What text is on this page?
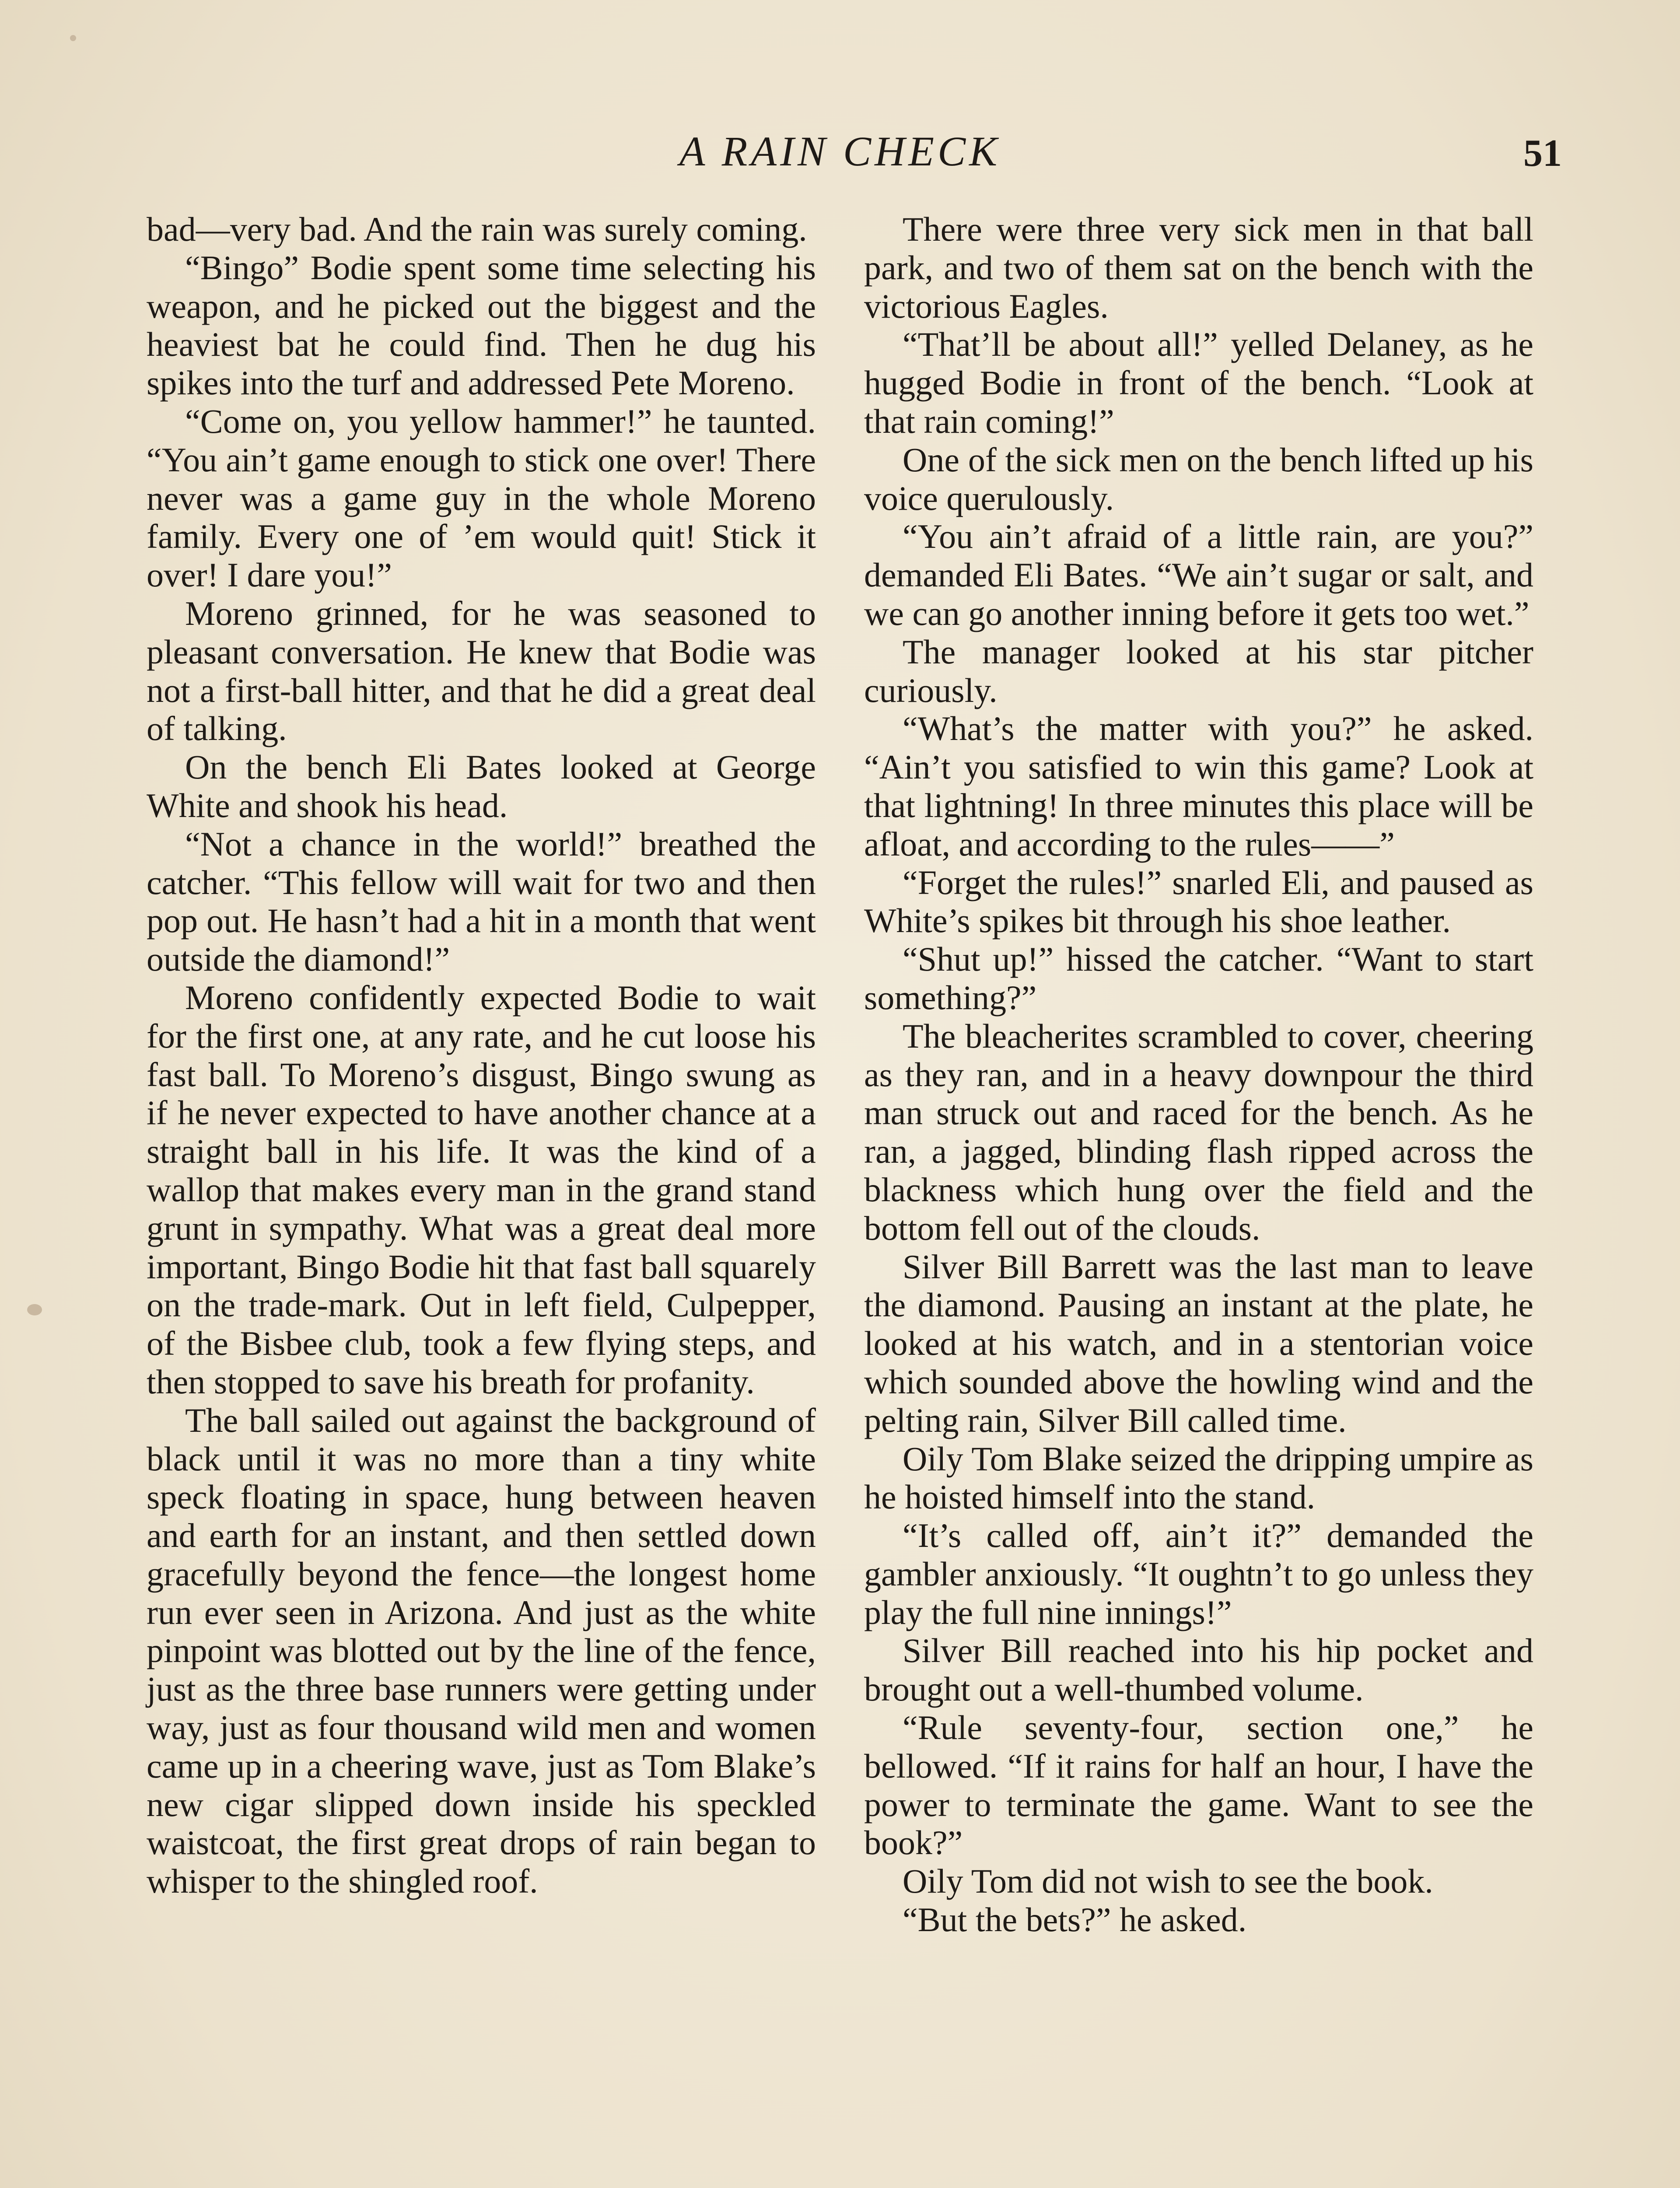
A RAIN CHECK	51

bad—very bad. And the rain was surely coming.

“Bingo” Bodie spent some time selecting his weapon, and he picked out the biggest and the heaviest bat he could find. Then he dug his spikes into the turf and addressed Pete Moreno.

“Come on, you yellow hammer!” he taunted. “You ain’t game enough to stick one over! There never was a game guy in the whole Moreno family. Every one of ’em would quit! Stick it over! I dare you!”

Moreno grinned, for he was seasoned to pleasant conversation. He knew that Bodie was not a first-ball hitter, and that he did a great deal of talking.

On the bench Eli Bates looked at George White and shook his head.

“Not a chance in the world!” breathed the catcher. “This fellow will wait for two and then pop out. He hasn’t had a hit in a month that went outside the diamond!”

Moreno confidently expected Bodie to wait for the first one, at any rate, and he cut loose his fast ball. To Moreno’s disgust, Bingo swung as if he never expected to have another chance at a straight ball in his life. It was the kind of a wallop that makes every man in the grand stand grunt in sympathy. What was a great deal more important, Bingo Bodie hit that fast ball squarely on the trade-mark. Out in left field, Culpepper, of the Bisbee club, took a few flying steps, and then stopped to save his breath for profanity.

The ball sailed out against the background of black until it was no more than a tiny white speck floating in space, hung between heaven and earth for an instant, and then settled down gracefully beyond the fence—the longest home run ever seen in Arizona. And just as the white pinpoint was blotted out by the line of the fence, just as the three base runners were getting under way, just as four thousand wild men and women came up in a cheering wave, just as Tom Blake’s new cigar slipped down inside his speckled waistcoat, the first great drops of rain began to whisper to the shingled roof.

There were three very sick men in that ball park, and two of them sat on the bench with the victorious Eagles.

“That’ll be about all!” yelled Delaney, as he hugged Bodie in front of the bench. “Look at that rain coming!”

One of the sick men on the bench lifted up his voice querulously.

“You ain’t afraid of a little rain, are you?” demanded Eli Bates. “We ain’t sugar or salt, and we can go another inning before it gets too wet.”

The manager looked at his star pitcher curiously.

“What’s the matter with you?” he asked. “Ain’t you satisfied to win this game? Look at that lightning! In three minutes this place will be afloat, and according to the rules——”

“Forget the rules!” snarled Eli, and paused as White’s spikes bit through his shoe leather.

“Shut up!” hissed the catcher. “Want to start something?”

The bleacherites scrambled to cover, cheering as they ran, and in a heavy downpour the third man struck out and raced for the bench. As he ran, a jagged, blinding flash ripped across the blackness which hung over the field and the bottom fell out of the clouds.

Silver Bill Barrett was the last man to leave the diamond. Pausing an instant at the plate, he looked at his watch, and in a stentorian voice which sounded above the howling wind and the pelting rain, Silver Bill called time.

Oily Tom Blake seized the dripping umpire as he hoisted himself into the stand.

“It’s called off, ain’t it?” demanded the gambler anxiously. “It oughtn’t to go unless they play the full nine innings!”

Silver Bill reached into his hip pocket and brought out a well-thumbed volume.

“Rule seventy-four, section one,” he bellowed. “If it rains for half an hour, I have the power to terminate the game. Want to see the book?”

Oily Tom did not wish to see the book.

“But the bets?” he asked.
